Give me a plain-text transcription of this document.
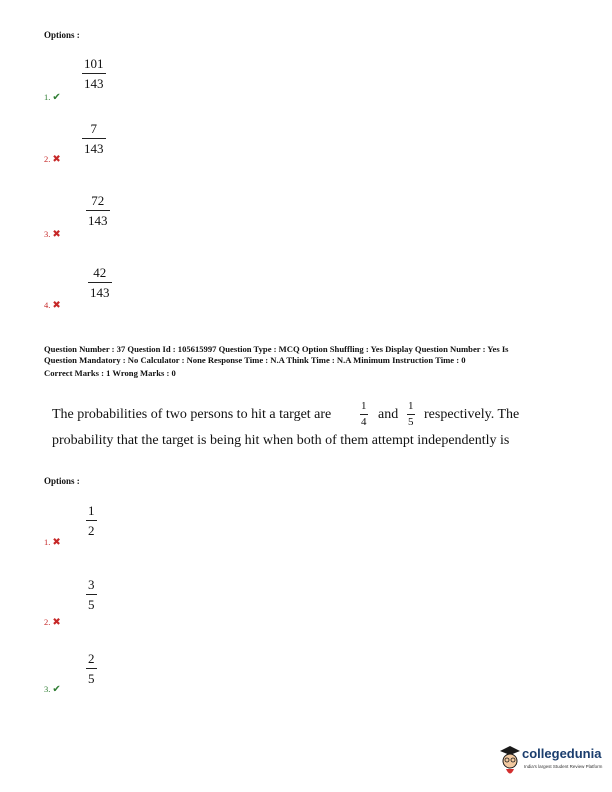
Options :
101
143
1. ✔
7
143
2. ✖
72
143
3. ✖
42
143
4. ✖
Question Number : 37 Question Id : 105615997 Question Type : MCQ Option Shuffling : Yes Display Question Number : Yes Is
Question Mandatory : No Calculator : None Response Time : N.A Think Time : N.A Minimum Instruction Time : 0
Correct Marks : 1 Wrong Marks : 0
The probabilities of two persons to hit a target are
1
4 and
1
5 respectively. The
probability that the target is being hit when both of them attempt independently is
Options :
1
2
1. ✖
3
5
2. ✖
2
5
3. ✔
collegedunia
India's largest Student Review Platform
